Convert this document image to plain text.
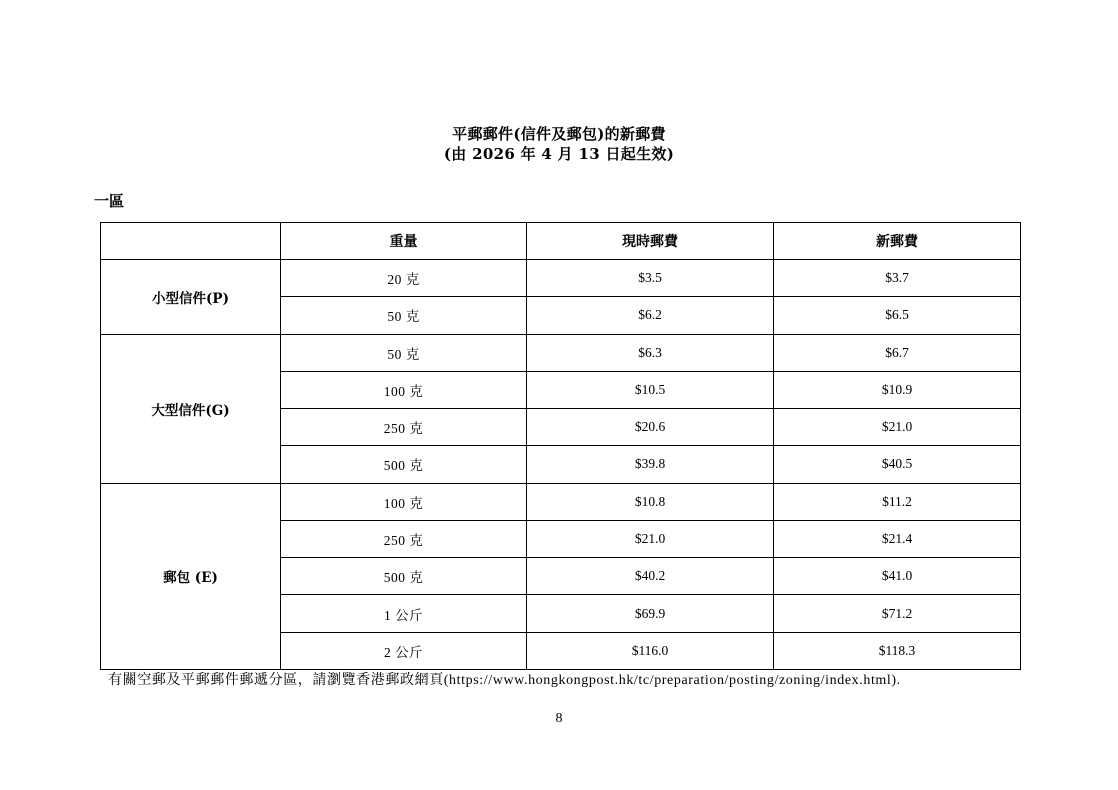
平郵郵件(信件及郵包)的新郵費
(由 2026 年 4 月 13 日起生效)
一區
	重量	現時郵費	新郵費
小型信件(P)	20 克	$3.5	$3.7
	50 克	$6.2	$6.5
大型信件(G)	50 克	$6.3	$6.7
	100 克	$10.5	$10.9
	250 克	$20.6	$21.0
	500 克	$39.8	$40.5
郵包 (E)	100 克	$10.8	$11.2
	250 克	$21.0	$21.4
	500 克	$40.2	$41.0
	1 公斤	$69.9	$71.2
	2 公斤	$116.0	$118.3
有關空郵及平郵郵件郵遞分區，請瀏覽香港郵政網頁(https://www.hongkongpost.hk/tc/preparation/posting/zoning/index.html).
8
